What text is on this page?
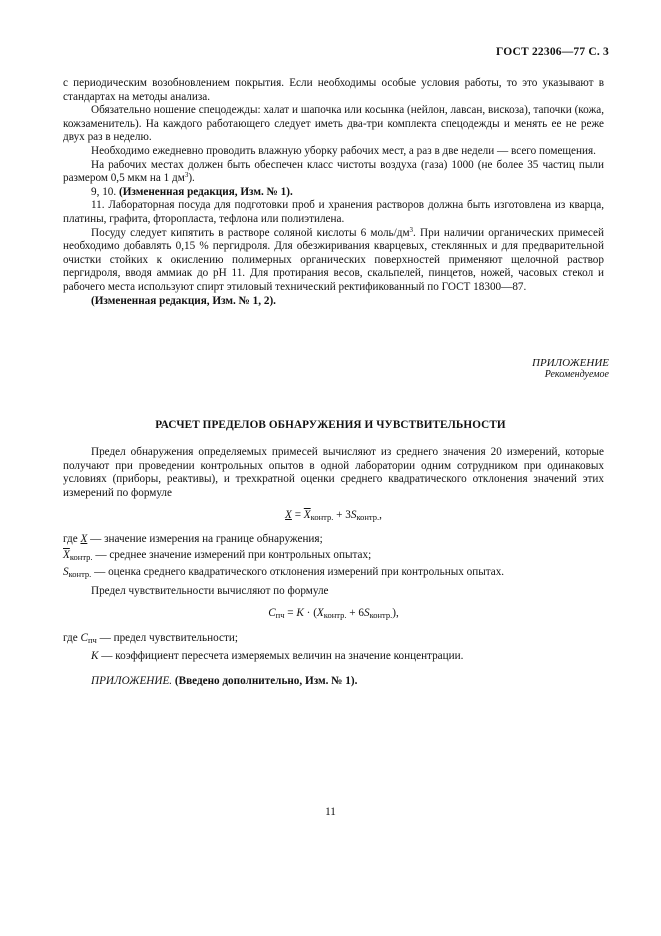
ГОСТ 22306—77 С. 3

с периодическим возобновлением покрытия. Если необходимы особые условия работы, то это указывают в стандартах на методы анализа.

Обязательно ношение спецодежды: халат и шапочка или косынка (нейлон, лавсан, вискоза), тапочки (кожа, кожзаменитель). На каждого работающего следует иметь два-три комплекта спецодежды и менять ее не реже двух раз в неделю.

Необходимо ежедневно проводить влажную уборку рабочих мест, а раз в две недели — всего помещения.

На рабочих местах должен быть обеспечен класс чистоты воздуха (газа) 1000 (не более 35 частиц пыли размером 0,5 мкм на 1 $дм^3$).

9, 10. (Измененная редакция, Изм. № 1).

11. Лабораторная посуда для подготовки проб и хранения растворов должна быть изготовлена из кварца, платины, графита, фторопласта, тефлона или полиэтилена.

Посуду следует кипятить в растворе соляной кислоты 6 моль/$дм^3$. При наличии органических примесей необходимо добавлять 0,15 % пергидроля. Для обезжиривания кварцевых, стеклянных и для предварительной очистки стойких к окислению полимерных органических поверхностей применяют щелочной раствор пергидроля, вводя аммиак до pH 11. Для протирания весов, скальпелей, пинцетов, ножей, часовых стекол и рабочего места используют спирт этиловый технический ректификованный по ГОСТ 18300—87.

(Измененная редакция, Изм. № 1, 2).

ПРИЛОЖЕНИЕ
Рекомендуемое
РАСЧЕТ ПРЕДЕЛОВ ОБНАРУЖЕНИЯ И ЧУВСТВИТЕЛЬНОСТИ

Предел обнаружения определяемых примесей вычисляют из среднего значения 20 измерений, которые получают при проведении контрольных опытов в одной лаборатории одним сотрудником при одинаковых условиях (приборы, реактивы), и трехкратной оценки среднего квадратического отклонения значений этих измерений по формуле

$X = \overline{X}_{контр.} + 3S_{контр.}$,

где X — значение измерения на границе обнаружения;

$\overline{X}_{контр.}$ — среднее значение измерений при контрольных опытах;

$S_{контр.}$ — оценка среднего квадратического отклонения измерений при контрольных опытах.

Предел чувствительности вычисляют по формуле

$C_{пч} = K \cdot (X_{контр.} + 6S_{контр.})$,

где $C_{пч}$ — предел чувствительности;

K — коэффициент пересчета измеряемых величин на значение концентрации.

ПРИЛОЖЕНИЕ. (Введено дополнительно, Изм. № 1).

11
